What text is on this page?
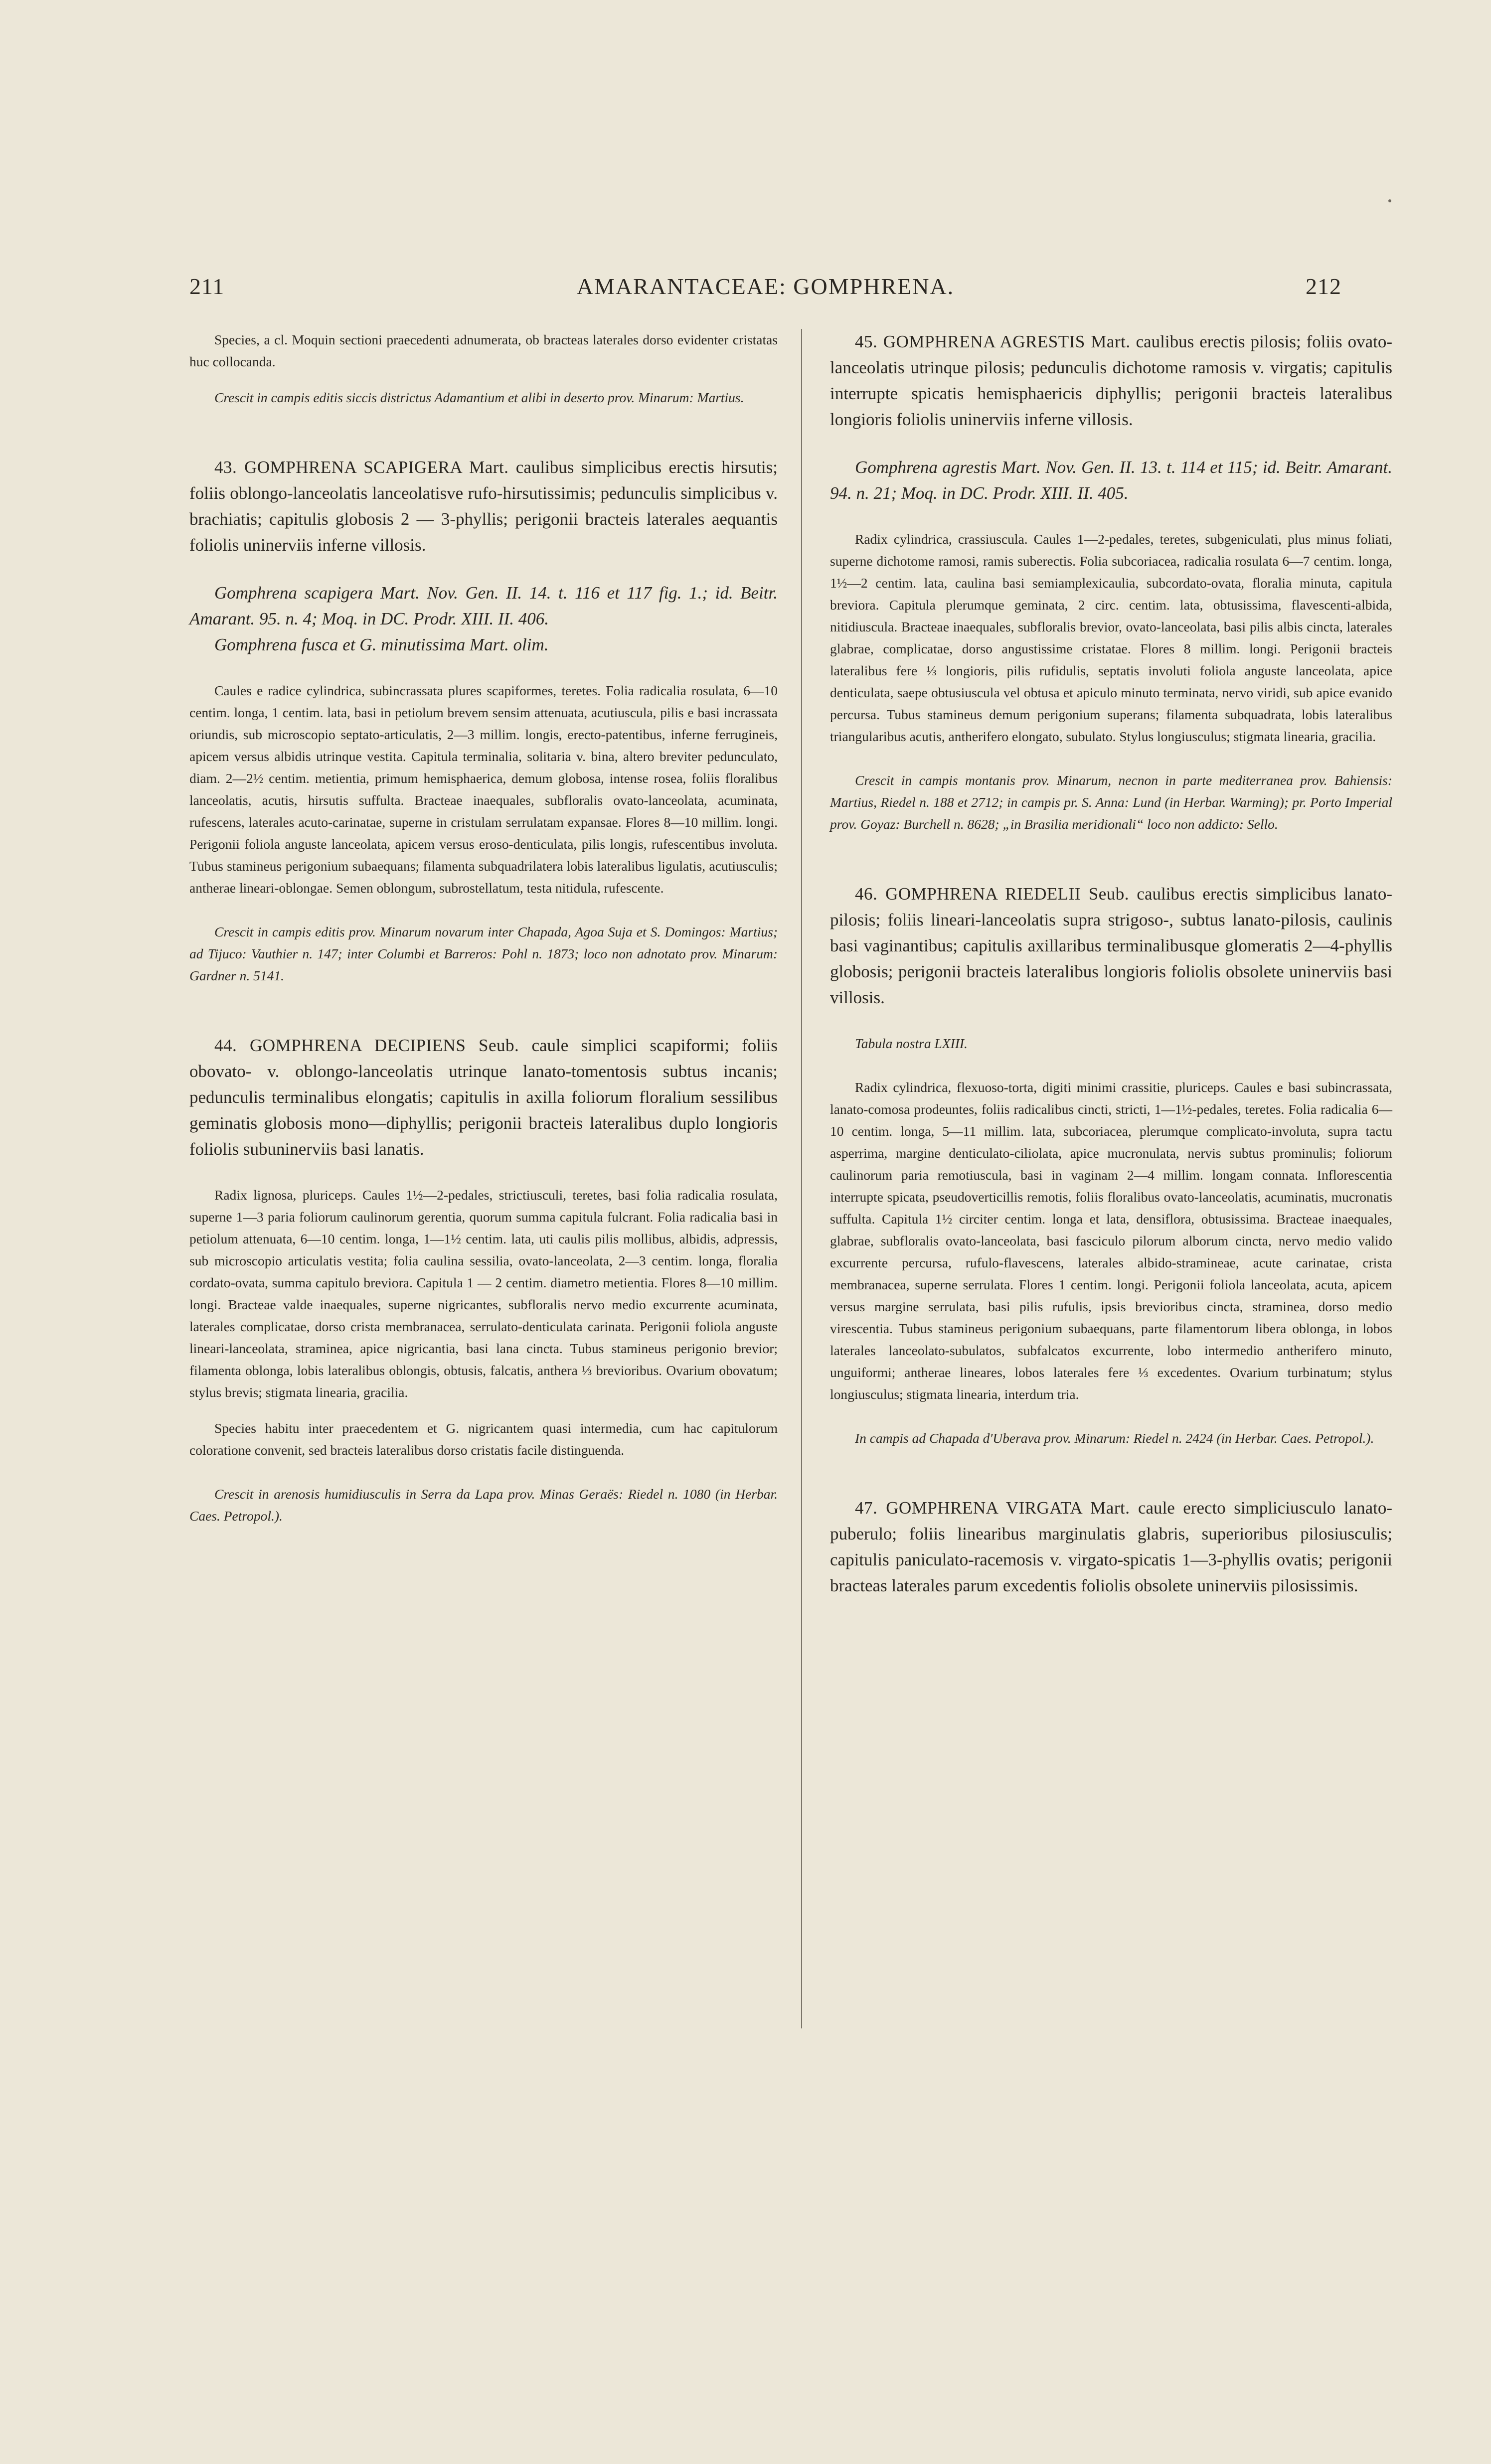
211	AMARANTACEAE: GOMPHRENA.	212

Species, a cl. Moquin sectioni praecedenti adnumerata, ob bracteas laterales dorso evidenter cristatas huc collocanda.

Crescit in campis editis siccis districtus Adamantium et alibi in deserto prov. Minarum: Martius.

43. GOMPHRENA SCAPIGERA Mart. caulibus simplicibus erectis hirsutis; foliis oblongo-lanceolatis lanceolatisve rufo-hirsutissimis; pedunculis simplicibus v. brachiatis; capitulis globosis 2 — 3-phyllis; perigonii bracteis laterales aequantis foliolis uninerviis inferne villosis.

Gomphrena scapigera Mart. Nov. Gen. II. 14. t. 116 et 117 fig. 1.; id. Beitr. Amarant. 95. n. 4; Moq. in DC. Prodr. XIII. II. 406.

Gomphrena fusca et G. minutissima Mart. olim.

Caules e radice cylindrica, subincrassata plures scapiformes, teretes. Folia radicalia rosulata, 6—10 centim. longa, 1 centim. lata, basi in petiolum brevem sensim attenuata, acutiuscula, pilis e basi incrassata oriundis, sub microscopio septato-articulatis, 2—3 millim. longis, erecto-patentibus, inferne ferrugineis, apicem versus albidis utrinque vestita. Capitula terminalia, solitaria v. bina, altero breviter pedunculato, diam. 2—2½ centim. metientia, primum hemisphaerica, demum globosa, intense rosea, foliis floralibus lanceolatis, acutis, hirsutis suffulta. Bracteae inaequales, subfloralis ovato-lanceolata, acuminata, rufescens, laterales acuto-carinatae, superne in cristulam serrulatam expansae. Flores 8—10 millim. longi. Perigonii foliola anguste lanceolata, apicem versus eroso-denticulata, pilis longis, rufescentibus involuta. Tubus stamineus perigonium subaequans; filamenta subquadrilatera lobis lateralibus ligulatis, acutiusculis; antherae lineari-oblongae. Semen oblongum, subrostellatum, testa nitidula, rufescente.

Crescit in campis editis prov. Minarum novarum inter Chapada, Agoa Suja et S. Domingos: Martius; ad Tijuco: Vauthier n. 147; inter Columbi et Barreros: Pohl n. 1873; loco non adnotato prov. Minarum: Gardner n. 5141.

44. GOMPHRENA DECIPIENS Seub. caule simplici scapiformi; foliis obovato- v. oblongo-lanceolatis utrinque lanato-tomentosis subtus incanis; pedunculis terminalibus elongatis; capitulis in axilla foliorum floralium sessilibus geminatis globosis mono—diphyllis; perigonii bracteis lateralibus duplo longioris foliolis subuninerviis basi lanatis.

Radix lignosa, pluriceps. Caules 1½—2-pedales, strictiusculi, teretes, basi folia radicalia rosulata, superne 1—3 paria foliorum caulinorum gerentia, quorum summa capitula fulcrant. Folia radicalia basi in petiolum attenuata, 6—10 centim. longa, 1—1½ centim. lata, uti caulis pilis mollibus, albidis, adpressis, sub microscopio articulatis vestita; folia caulina sessilia, ovato-lanceolata, 2—3 centim. longa, floralia cordato-ovata, summa capitulo breviora. Capitula 1 — 2 centim. diametro metientia. Flores 8—10 millim. longi. Bracteae valde inaequales, superne nigricantes, subfloralis nervo medio excurrente acuminata, laterales complicatae, dorso crista membranacea, serrulato-denticulata carinata. Perigonii foliola anguste lineari-lanceolata, straminea, apice nigricantia, basi lana cincta. Tubus stamineus perigonio brevior; filamenta oblonga, lobis lateralibus oblongis, obtusis, falcatis, anthera ⅓ brevioribus. Ovarium obovatum; stylus brevis; stigmata linearia, gracilia.

Species habitu inter praecedentem et G. nigricantem quasi intermedia, cum hac capitulorum coloratione convenit, sed bracteis lateralibus dorso cristatis facile distinguenda.

Crescit in arenosis humidiusculis in Serra da Lapa prov. Minas Geraës: Riedel n. 1080 (in Herbar. Caes. Petropol.).

45. GOMPHRENA AGRESTIS Mart. caulibus erectis pilosis; foliis ovato-lanceolatis utrinque pilosis; pedunculis dichotome ramosis v. virgatis; capitulis interrupte spicatis hemisphaericis diphyllis; perigonii bracteis lateralibus longioris foliolis uninerviis inferne villosis.

Gomphrena agrestis Mart. Nov. Gen. II. 13. t. 114 et 115; id. Beitr. Amarant. 94. n. 21; Moq. in DC. Prodr. XIII. II. 405.

Radix cylindrica, crassiuscula. Caules 1—2-pedales, teretes, subgeniculati, plus minus foliati, superne dichotome ramosi, ramis suberectis. Folia subcoriacea, radicalia rosulata 6—7 centim. longa, 1½—2 centim. lata, caulina basi semiamplexicaulia, subcordato-ovata, floralia minuta, capitula breviora. Capitula plerumque geminata, 2 circ. centim. lata, obtusissima, flavescenti-albida, nitidiuscula. Bracteae inaequales, subfloralis brevior, ovato-lanceolata, basi pilis albis cincta, laterales glabrae, complicatae, dorso angustissime cristatae. Flores 8 millim. longi. Perigonii bracteis lateralibus fere ⅓ longioris, pilis rufidulis, septatis involuti foliola anguste lanceolata, apice denticulata, saepe obtusiuscula vel obtusa et apiculo minuto terminata, nervo viridi, sub apice evanido percursa. Tubus stamineus demum perigonium superans; filamenta subquadrata, lobis lateralibus triangularibus acutis, antherifero elongato, subulato. Stylus longiusculus; stigmata linearia, gracilia.

Crescit in campis montanis prov. Minarum, necnon in parte mediterranea prov. Bahiensis: Martius, Riedel n. 188 et 2712; in campis pr. S. Anna: Lund (in Herbar. Warming); pr. Porto Imperial prov. Goyaz: Burchell n. 8628; „in Brasilia meridionali“ loco non addicto: Sello.

46. GOMPHRENA RIEDELII Seub. caulibus erectis simplicibus lanato-pilosis; foliis lineari-lanceolatis supra strigoso-, subtus lanato-pilosis, caulinis basi vaginantibus; capitulis axillaribus terminalibusque glomeratis 2—4-phyllis globosis; perigonii bracteis lateralibus longioris foliolis obsolete uninerviis basi villosis.

Tabula nostra LXIII.

Radix cylindrica, flexuoso-torta, digiti minimi crassitie, pluriceps. Caules e basi subincrassata, lanato-comosa prodeuntes, foliis radicalibus cincti, stricti, 1—1½-pedales, teretes. Folia radicalia 6—10 centim. longa, 5—11 millim. lata, subcoriacea, plerumque complicato-involuta, supra tactu asperrima, margine denticulato-ciliolata, apice mucronulata, nervis subtus prominulis; foliorum caulinorum paria remotiuscula, basi in vaginam 2—4 millim. longam connata. Inflorescentia interrupte spicata, pseudoverticillis remotis, foliis floralibus ovato-lanceolatis, acuminatis, mucronatis suffulta. Capitula 1½ circiter centim. longa et lata, densiflora, obtusissima. Bracteae inaequales, glabrae, subfloralis ovato-lanceolata, basi fasciculo pilorum alborum cincta, nervo medio valido excurrente percursa, rufulo-flavescens, laterales albido-stramineae, acute carinatae, crista membranacea, superne serrulata. Flores 1 centim. longi. Perigonii foliola lanceolata, acuta, apicem versus margine serrulata, basi pilis rufulis, ipsis brevioribus cincta, straminea, dorso medio virescentia. Tubus stamineus perigonium subaequans, parte filamentorum libera oblonga, in lobos laterales lanceolato-subulatos, subfalcatos excurrente, lobo intermedio antherifero minuto, unguiformi; antherae lineares, lobos laterales fere ⅓ excedentes. Ovarium turbinatum; stylus longiusculus; stigmata linearia, interdum tria.

In campis ad Chapada d'Uberava prov. Minarum: Riedel n. 2424 (in Herbar. Caes. Petropol.).

47. GOMPHRENA VIRGATA Mart. caule erecto simpliciusculo lanato-puberulo; foliis linearibus marginulatis glabris, superioribus pilosiusculis; capitulis paniculato-racemosis v. virgato-spicatis 1—3-phyllis ovatis; perigonii bracteas laterales parum excedentis foliolis obsolete uninerviis pilosissimis.
